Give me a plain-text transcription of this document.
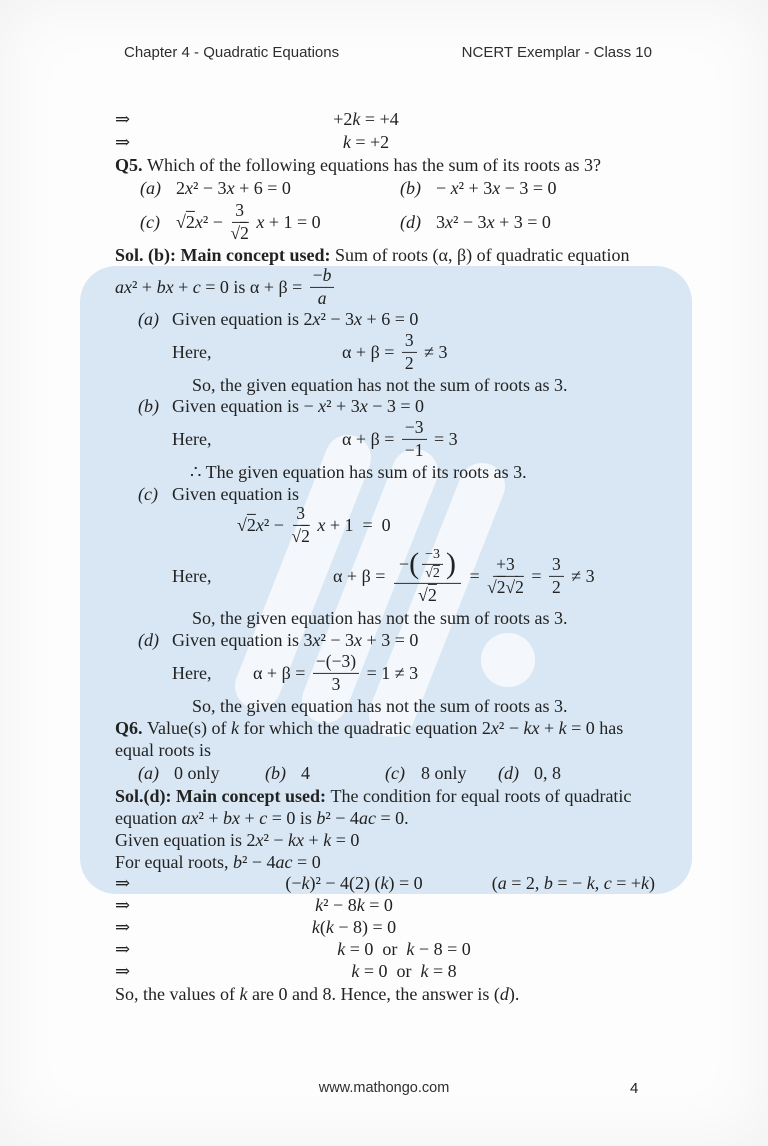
Chapter 4 - Quadratic Equations	NCERT Exemplar - Class 10
⇒	+2k = +4
⇒	k = +2
Q5. Which of the following equations has the sum of its roots as 3?
(a) 2x² − 3x + 6 = 0	(b) − x² + 3x − 3 = 0
(c) $√2x^2 - \frac{3}{√2}$ x + 1 = 0	(d) 3x² − 3x + 3 = 0
Sol. (b): Main concept used: Sum of roots (α, β) of quadratic equation
ax² + bx + c = 0 is $\alpha + \beta = \frac{-b}{a}$
(a) Given equation is 2x² − 3x + 6 = 0
Here,	$\alpha + \beta = \frac{3}{2} \ne 3$
So, the given equation has not the sum of roots as 3.
(b) Given equation is − x² + 3x − 3 = 0
Here,	$\alpha + \beta = \frac{-3}{-1} = 3$
∴ The given equation has sum of its roots as 3.
(c) Given equation is
$√2x^2 - \frac{3}{√2}$ x + 1  =  0
Here,	$\alpha + \beta = \frac{- ( \frac{-3}{√2} )}{√2} = \frac{+3}{√2√2} = \frac{3}{2} \ne 3$
So, the given equation has not the sum of roots as 3.
(d) Given equation is 3x² − 3x + 3 = 0
Here, $\alpha + \beta = \frac{-(-3)}{3} = 1 \ne 3$
So, the given equation has not the sum of roots as 3.
Q6. Value(s) of k for which the quadratic equation 2x² − kx + k = 0 has
equal roots is
(a) 0 only	(b) 4	(c) 8 only (d) 0, 8
Sol.(d): Main concept used: The condition for equal roots of quadratic
equation ax² + bx + c = 0 is b² − 4ac = 0.
Given equation is 2x² − kx + k = 0
For equal roots, b² − 4ac = 0
⇒	(−k)² − 4(2) (k) = 0	(a = 2, b = − k, c = +k)
⇒	k² − 8k = 0
⇒	k(k − 8) = 0
⇒	k = 0  or  k − 8 = 0
⇒	k = 0  or  k = 8
So, the values of k are 0 and 8. Hence, the answer is (d).
www.mathongo.com	4
